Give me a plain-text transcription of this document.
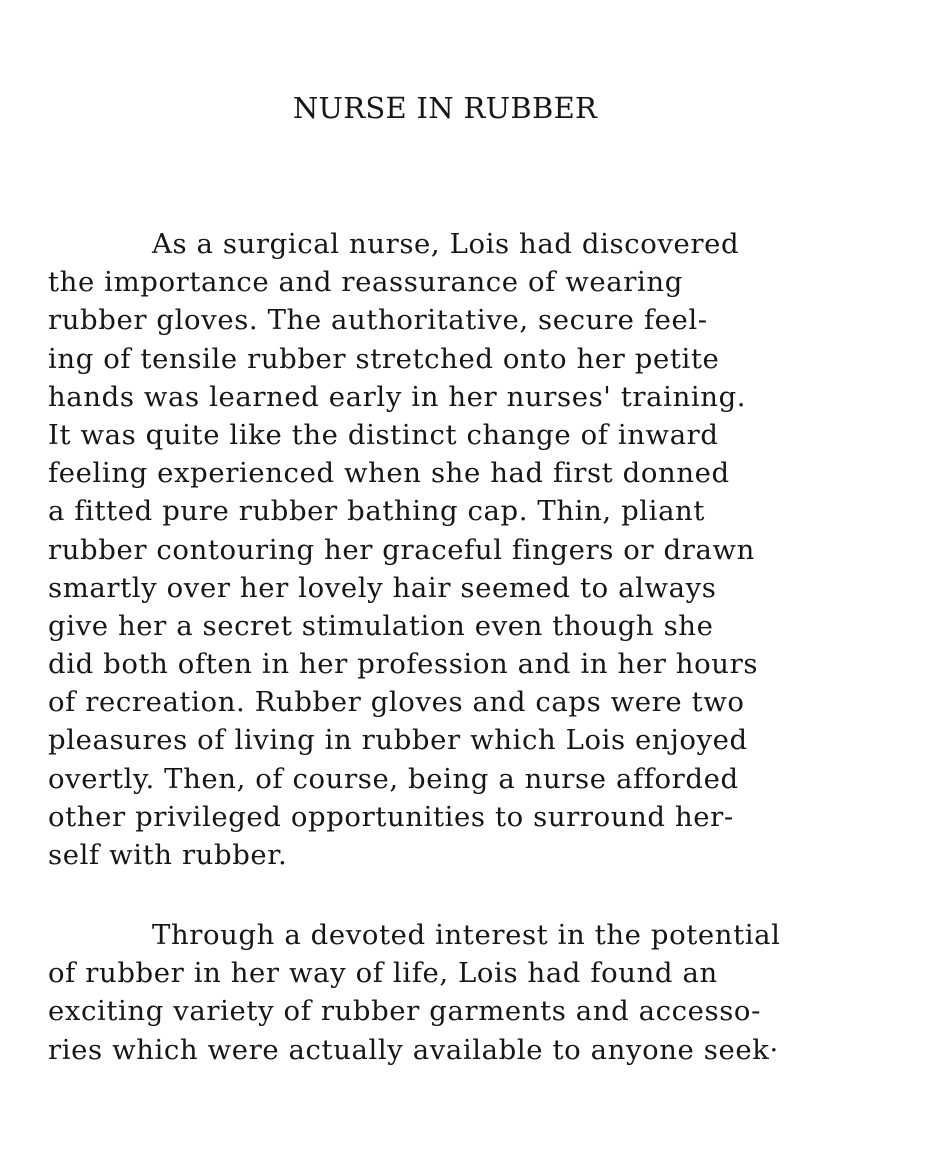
NURSE IN RUBBER
As a surgical nurse, Lois had discovered
the importance and reassurance of wearing
rubber gloves. The authoritative, secure feel-
ing of tensile rubber stretched onto her petite
hands was learned early in her nurses' training.
It was quite like the distinct change of inward
feeling experienced when she had first donned
a fitted pure rubber bathing cap. Thin, pliant
rubber contouring her graceful fingers or drawn
smartly over her lovely hair seemed to always
give her a secret stimulation even though she
did both often in her profession and in her hours
of recreation. Rubber gloves and caps were two
pleasures of living in rubber which Lois enjoyed
overtly. Then, of course, being a nurse afforded
other privileged opportunities to surround her-
self with rubber.
Through a devoted interest in the potential
of rubber in her way of life, Lois had found an
exciting variety of rubber garments and accesso-
ries which were actually available to anyone seek·
